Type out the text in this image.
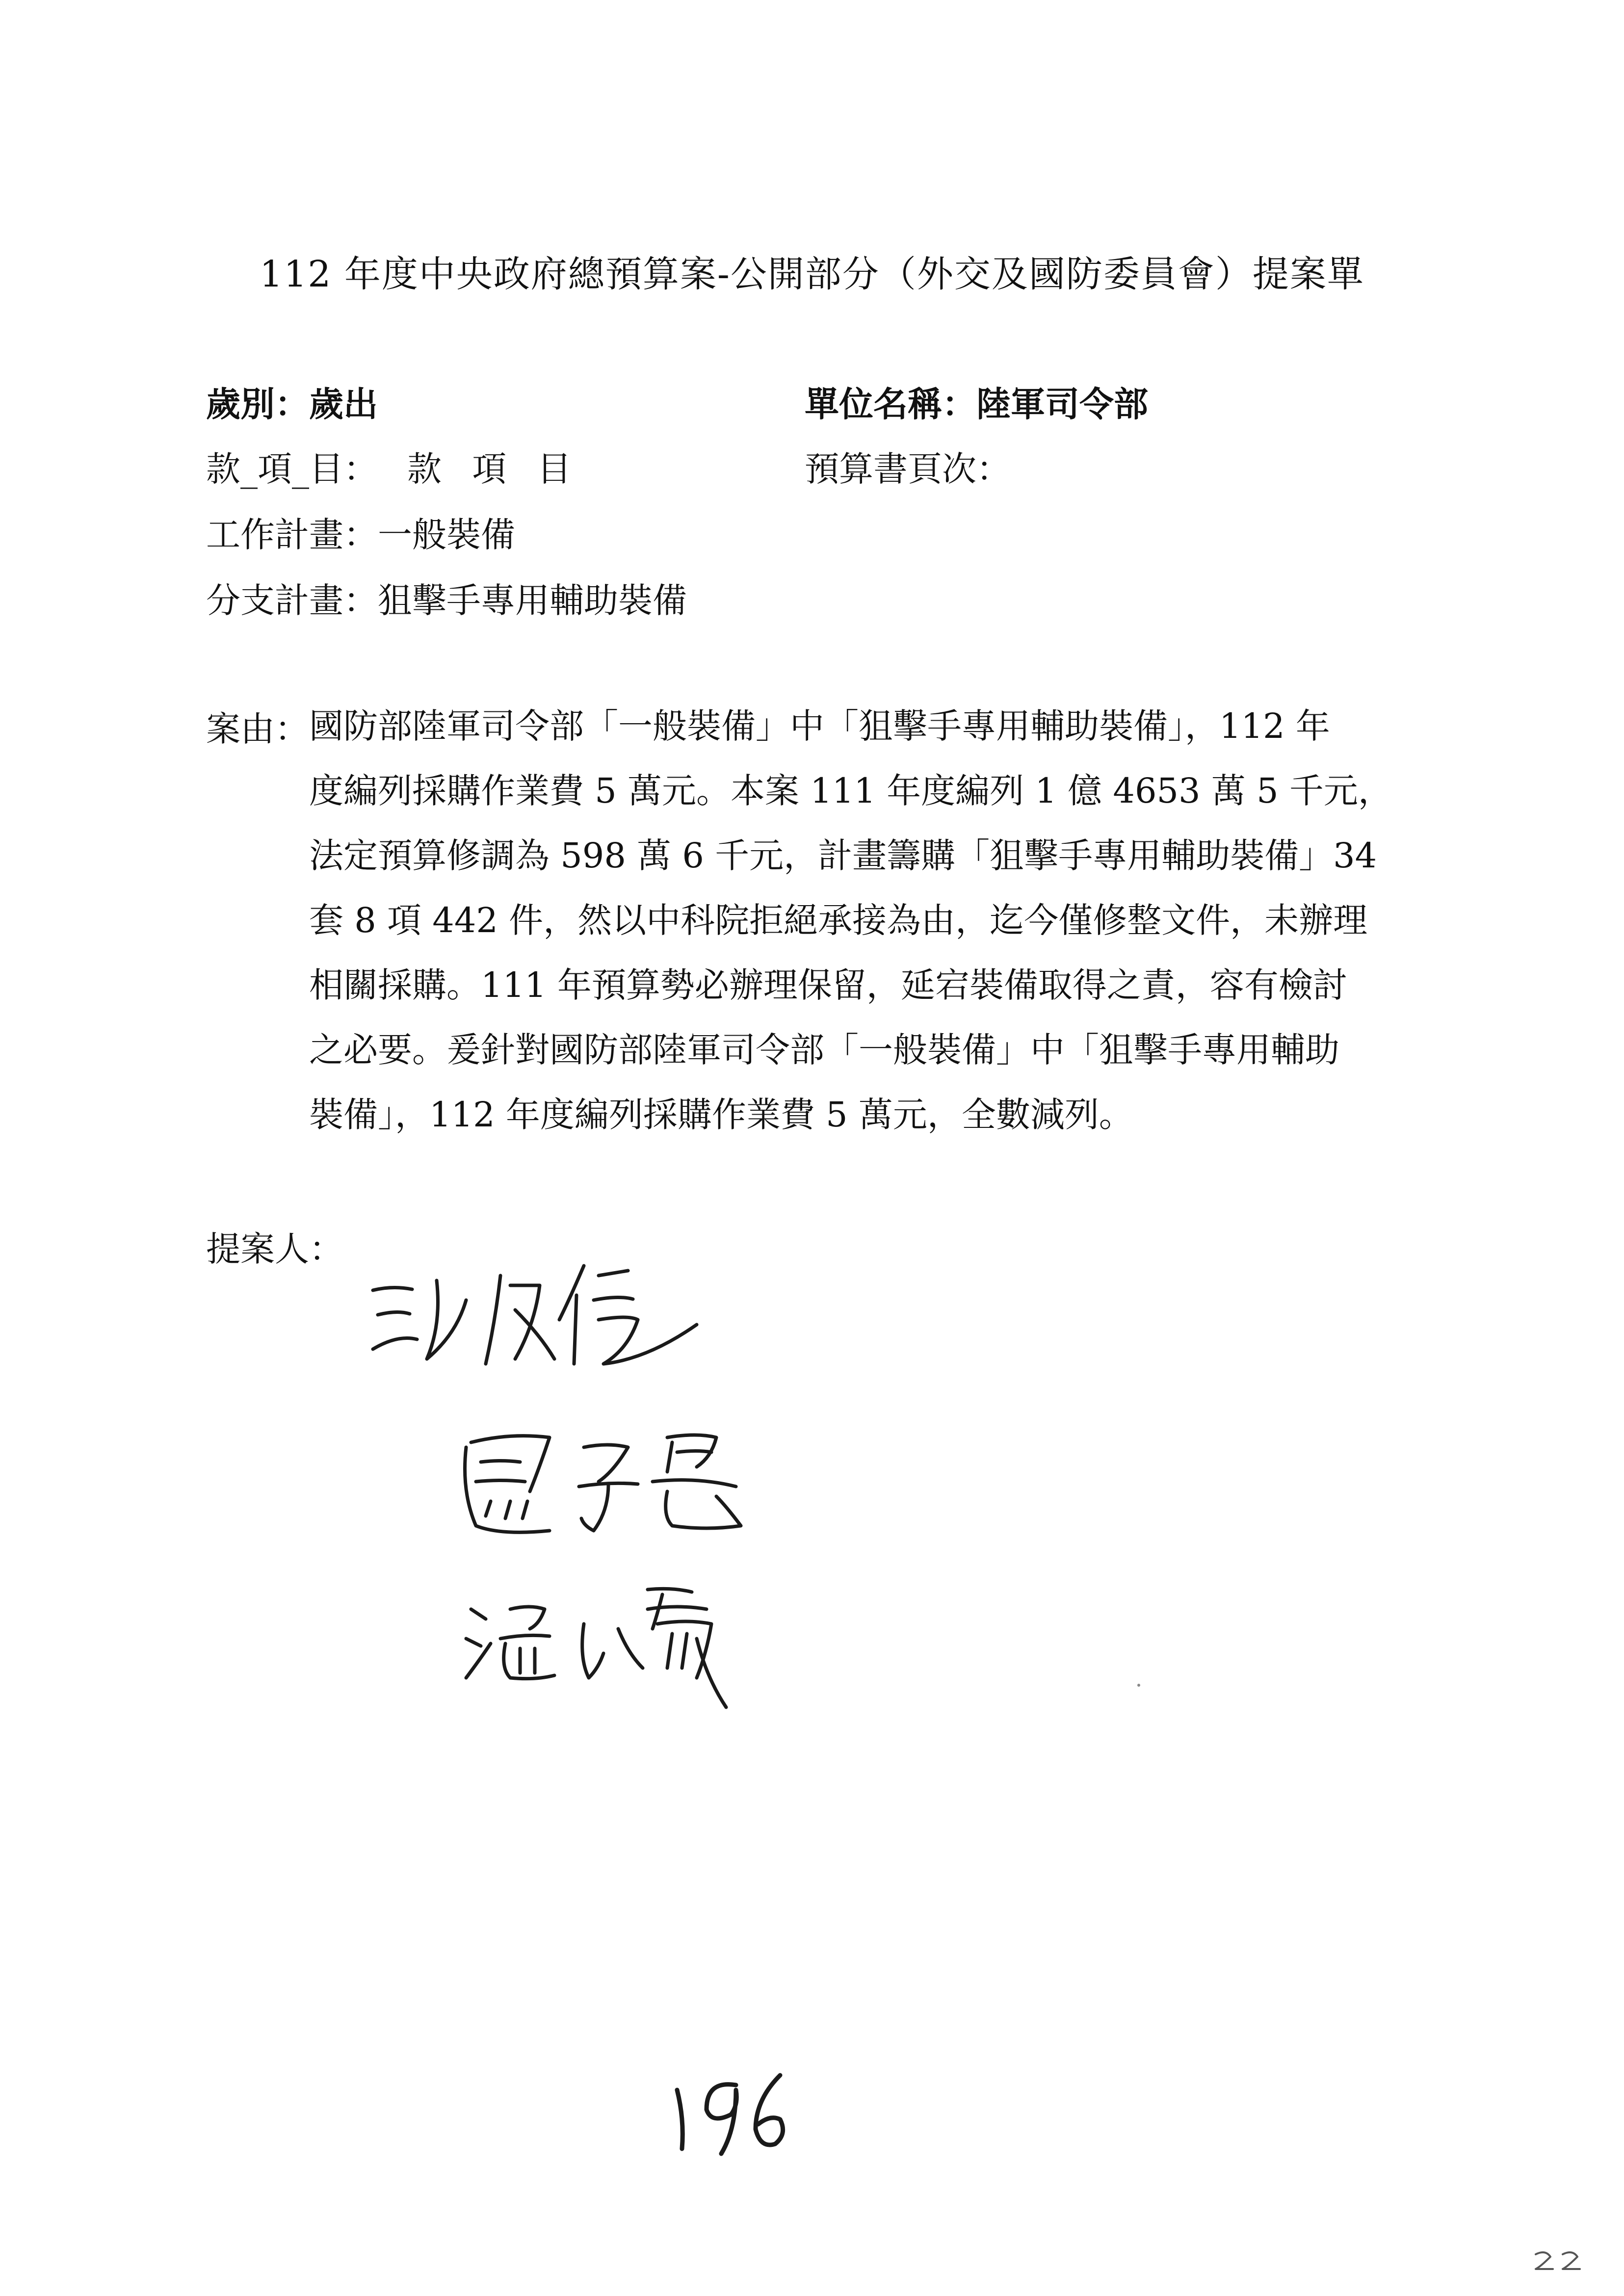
112 年度中央政府總預算案-公開部分（外交及國防委員會）提案單
歲別：歲出	單位名稱：陸軍司令部
款_項_目： 款 項 目	預算書頁次：
工作計畫：一般裝備
分支計畫：狙擊手專用輔助裝備
案由： 國防部陸軍司令部「一般裝備」中「狙擊手專用輔助裝備」，112 年
度編列採購作業費 5 萬元。本案 111 年度編列 1 億 4653 萬 5 千元，
法定預算修調為 598 萬 6 千元，計畫籌購「狙擊手專用輔助裝備」34
套 8 項 442 件，然以中科院拒絕承接為由，迄今僅修整文件，未辦理
相關採購。111 年預算勢必辦理保留，延宕裝備取得之責，容有檢討
之必要。爰針對國防部陸軍司令部「一般裝備」中「狙擊手專用輔助
裝備」，112 年度編列採購作業費 5 萬元，全數減列。
提案人：
